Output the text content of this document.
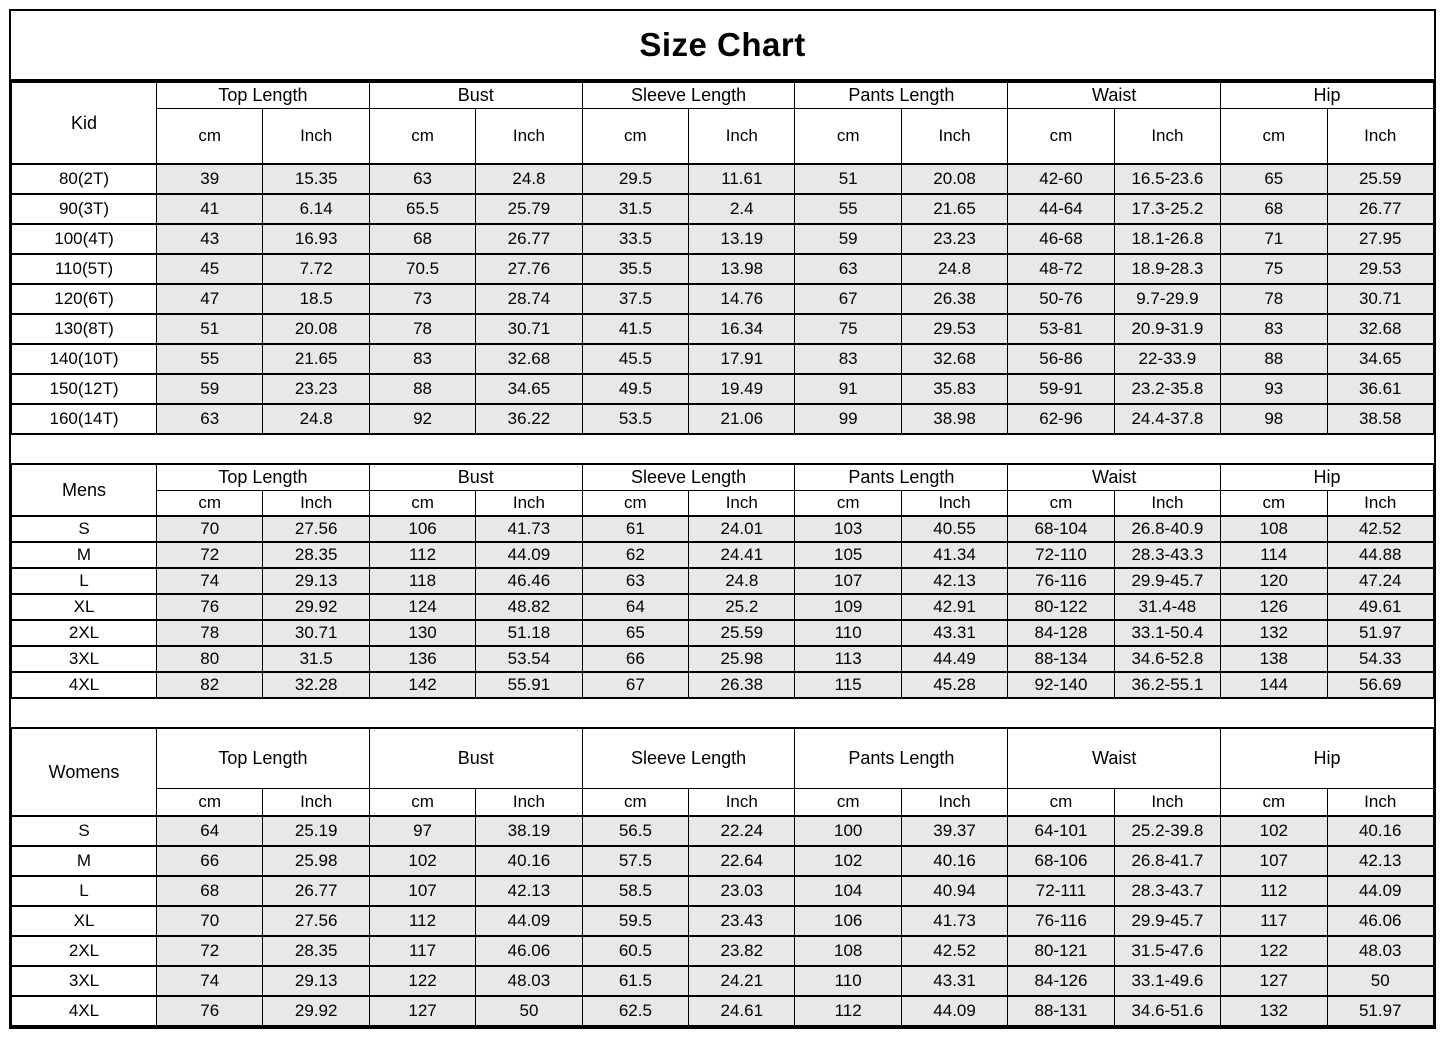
Size Chart
Kid	Top Length		Bust		Sleeve Length		Pants Length		Waist		Hip	
	cm	Inch	cm	Inch	cm	Inch	cm	Inch	cm	Inch	cm	Inch
80(2T)	39	15.35	63	24.8	29.5	11.61	51	20.08	42-60	16.5-23.6	65	25.59
90(3T)	41	6.14	65.5	25.79	31.5	2.4	55	21.65	44-64	17.3-25.2	68	26.77
100(4T)	43	16.93	68	26.77	33.5	13.19	59	23.23	46-68	18.1-26.8	71	27.95
110(5T)	45	7.72	70.5	27.76	35.5	13.98	63	24.8	48-72	18.9-28.3	75	29.53
120(6T)	47	18.5	73	28.74	37.5	14.76	67	26.38	50-76	9.7-29.9	78	30.71
130(8T)	51	20.08	78	30.71	41.5	16.34	75	29.53	53-81	20.9-31.9	83	32.68
140(10T)	55	21.65	83	32.68	45.5	17.91	83	32.68	56-86	22-33.9	88	34.65
150(12T)	59	23.23	88	34.65	49.5	19.49	91	35.83	59-91	23.2-35.8	93	36.61
160(14T)	63	24.8	92	36.22	53.5	21.06	99	38.98	62-96	24.4-37.8	98	38.58
Mens	Top Length		Bust		Sleeve Length		Pants Length		Waist		Hip	
	cm	Inch	cm	Inch	cm	Inch	cm	Inch	cm	Inch	cm	Inch
S	70	27.56	106	41.73	61	24.01	103	40.55	68-104	26.8-40.9	108	42.52
M	72	28.35	112	44.09	62	24.41	105	41.34	72-110	28.3-43.3	114	44.88
L	74	29.13	118	46.46	63	24.8	107	42.13	76-116	29.9-45.7	120	47.24
XL	76	29.92	124	48.82	64	25.2	109	42.91	80-122	31.4-48	126	49.61
2XL	78	30.71	130	51.18	65	25.59	110	43.31	84-128	33.1-50.4	132	51.97
3XL	80	31.5	136	53.54	66	25.98	113	44.49	88-134	34.6-52.8	138	54.33
4XL	82	32.28	142	55.91	67	26.38	115	45.28	92-140	36.2-55.1	144	56.69
Womens	Top Length		Bust		Sleeve Length		Pants Length		Waist		Hip	
	cm	Inch	cm	Inch	cm	Inch	cm	Inch	cm	Inch	cm	Inch
S	64	25.19	97	38.19	56.5	22.24	100	39.37	64-101	25.2-39.8	102	40.16
M	66	25.98	102	40.16	57.5	22.64	102	40.16	68-106	26.8-41.7	107	42.13
L	68	26.77	107	42.13	58.5	23.03	104	40.94	72-111	28.3-43.7	112	44.09
XL	70	27.56	112	44.09	59.5	23.43	106	41.73	76-116	29.9-45.7	117	46.06
2XL	72	28.35	117	46.06	60.5	23.82	108	42.52	80-121	31.5-47.6	122	48.03
3XL	74	29.13	122	48.03	61.5	24.21	110	43.31	84-126	33.1-49.6	127	50
4XL	76	29.92	127	50	62.5	24.61	112	44.09	88-131	34.6-51.6	132	51.97
